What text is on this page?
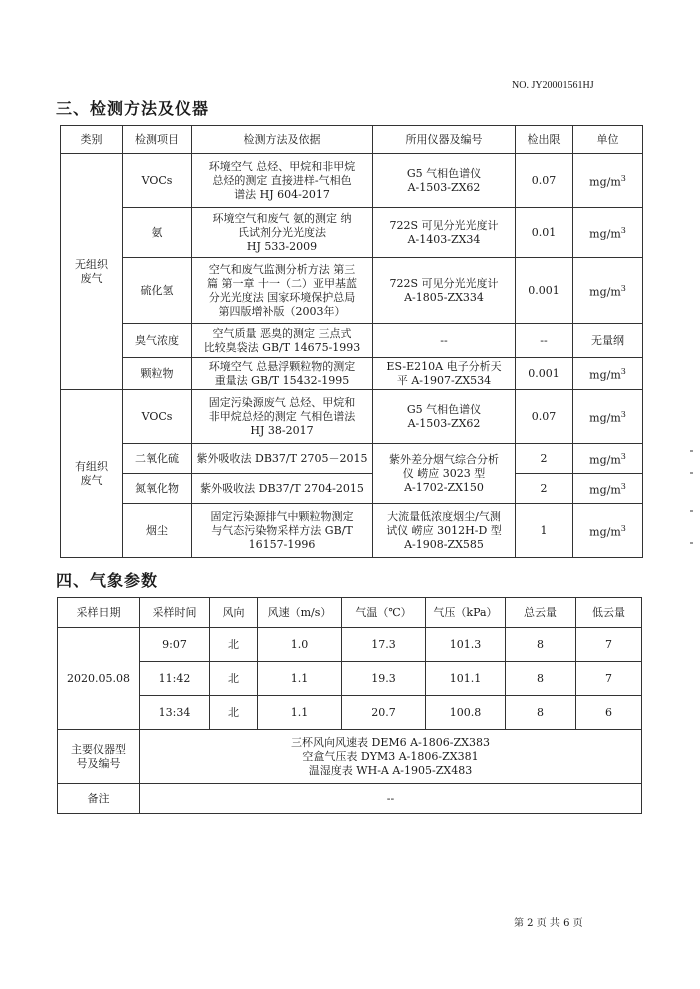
NO. JY20001561HJ
三、检测方法及仪器
类别	检测项目	检测方法及依据	所用仪器及编号	检出限	单位
无组织
废气	VOCs	环境空气 总烃、甲烷和非甲烷
总烃的测定 直接进样-气相色
谱法 HJ 604-2017	G5 气相色谱仪
A-1503-ZX62	0.07	$mg/m^3$
	氨	环境空气和废气 氨的测定 纳
氏试剂分光光度法
HJ 533-2009	722S 可见分光光度计
A-1403-ZX34	0.01	$mg/m^3$
	硫化氢	空气和废气监测分析方法 第三
篇 第一章 十一（二）亚甲基蓝
分光光度法 国家环境保护总局
第四版增补版（2003年）	722S 可见分光光度计
A-1805-ZX334	0.001	$mg/m^3$
	臭气浓度	空气质量 恶臭的测定 三点式
比较臭袋法 GB/T 14675-1993	--	--	无量纲
	颗粒物	环境空气 总悬浮颗粒物的测定
重量法 GB/T 15432-1995	ES-E210A 电子分析天
平 A-1907-ZX534	0.001	$mg/m^3$
有组织
废气	VOCs	固定污染源废气 总烃、甲烷和
非甲烷总烃的测定 气相色谱法
HJ 38-2017	G5 气相色谱仪
A-1503-ZX62	0.07	$mg/m^3$
	二氧化硫	紫外吸收法 DB37/T 2705－2015	紫外差分烟气综合分析
仪 崂应 3023 型
A-1702-ZX150	2	$mg/m^3$
	氮氧化物	紫外吸收法 DB37/T 2704-2015		2	$mg/m^3$
	烟尘	固定污染源排气中颗粒物测定
与气态污染物采样方法 GB/T
16157-1996	大流量低浓度烟尘/气测
试仪 崂应 3012H-D 型
A-1908-ZX585	1	$mg/m^3$
四、气象参数
采样日期	采样时间	风向	风速（m/s）	气温（℃）	气压（kPa）	总云量	低云量
2020.05.08	9:07	北	1.0	17.3	101.3	8	7
	11:42	北	1.1	19.3	101.1	8	7
	13:34	北	1.1	20.7	100.8	8	6
主要仪器型
号及编号	三杯风向风速表 DEM6 A-1806-ZX383
空盒气压表 DYM3 A-1806-ZX381
温湿度表 WH-A A-1905-ZX483						
备注	--						
第 2 页 共 6 页
